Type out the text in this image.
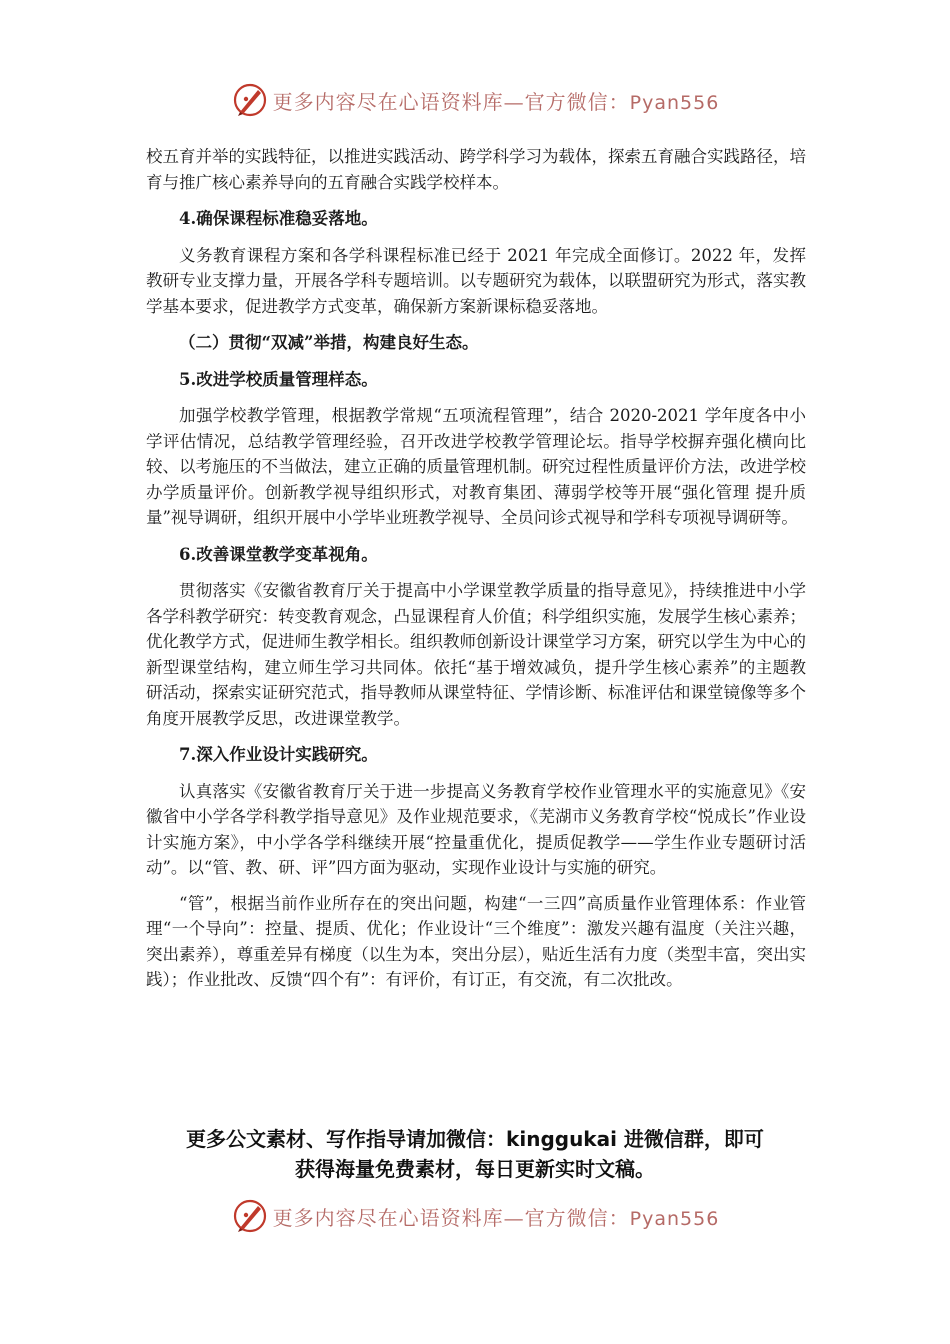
更多内容尽在心语资料库—官方微信：Pyan556

校五育并举的实践特征，以推进实践活动、跨学科学习为载体，探索五育融合实践路径，培育与推广核心素养导向的五育融合实践学校样本。

4.确保课程标准稳妥落地。

义务教育课程方案和各学科课程标准已经于 2021 年完成全面修订。2022 年，发挥教研专业支撑力量，开展各学科专题培训。以专题研究为载体，以联盟研究为形式，落实教学基本要求，促进教学方式变革，确保新方案新课标稳妥落地。

（二）贯彻“双减”举措，构建良好生态。

5.改进学校质量管理样态。

加强学校教学管理，根据教学常规“五项流程管理”，结合 2020-2021 学年度各中小学评估情况，总结教学管理经验，召开改进学校教学管理论坛。指导学校摒弃强化横向比较、以考施压的不当做法，建立正确的质量管理机制。研究过程性质量评价方法，改进学校办学质量评价。创新教学视导组织形式，对教育集团、薄弱学校等开展“强化管理 提升质量”视导调研，组织开展中小学毕业班教学视导、全员问诊式视导和学科专项视导调研等。

6.改善课堂教学变革视角。

贯彻落实《安徽省教育厅关于提高中小学课堂教学质量的指导意见》，持续推进中小学各学科教学研究：转变教育观念，凸显课程育人价值；科学组织实施，发展学生核心素养；优化教学方式，促进师生教学相长。组织教师创新设计课堂学习方案，研究以学生为中心的新型课堂结构，建立师生学习共同体。依托“基于增效减负，提升学生核心素养”的主题教研活动，探索实证研究范式，指导教师从课堂特征、学情诊断、标准评估和课堂镜像等多个角度开展教学反思，改进课堂教学。

7.深入作业设计实践研究。

认真落实《安徽省教育厅关于进一步提高义务教育学校作业管理水平的实施意见》《安徽省中小学各学科教学指导意见》及作业规范要求，《芜湖市义务教育学校“悦成长”作业设计实施方案》，中小学各学科继续开展“控量重优化，提质促教学——学生作业专题研讨活动”。以“管、教、研、评”四方面为驱动，实现作业设计与实施的研究。

“管”，根据当前作业所存在的突出问题，构建“一三四”高质量作业管理体系：作业管理“一个导向”：控量、提质、优化；作业设计“三个维度”：激发兴趣有温度（关注兴趣，突出素养），尊重差异有梯度（以生为本，突出分层），贴近生活有力度（类型丰富，突出实践）；作业批改、反馈“四个有”：有评价，有订正，有交流，有二次批改。

更多公文素材、写作指导请加微信：kinggukai 进微信群，即可
获得海量免费素材，每日更新实时文稿。
更多内容尽在心语资料库—官方微信：Pyan556
